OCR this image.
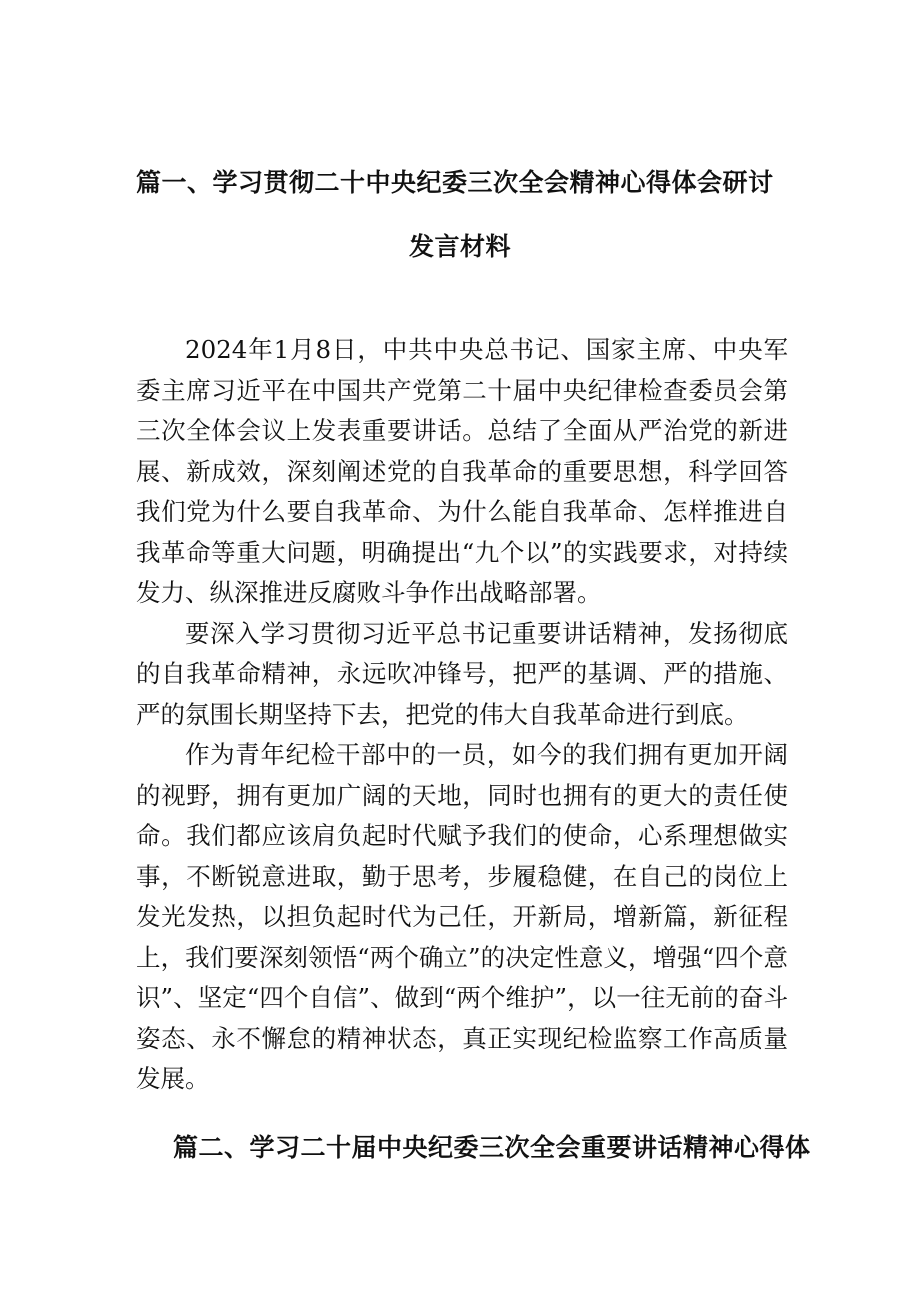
篇一、学习贯彻二十中央纪委三次全会精神心得体会研讨
发言材料

2024年1月8日，中共中央总书记、国家主席、中央军委主席习近平在中国共产党第二十届中央纪律检查委员会第三次全体会议上发表重要讲话。总结了全面从严治党的新进展、新成效，深刻阐述党的自我革命的重要思想，科学回答我们党为什么要自我革命、为什么能自我革命、怎样推进自我革命等重大问题，明确提出“九个以”的实践要求，对持续发力、纵深推进反腐败斗争作出战略部署。

要深入学习贯彻习近平总书记重要讲话精神，发扬彻底的自我革命精神，永远吹冲锋号，把严的基调、严的措施、严的氛围长期坚持下去，把党的伟大自我革命进行到底。

作为青年纪检干部中的一员，如今的我们拥有更加开阔的视野，拥有更加广阔的天地，同时也拥有的更大的责任使命。我们都应该肩负起时代赋予我们的使命，心系理想做实事，不断锐意进取，勤于思考，步履稳健，在自己的岗位上发光发热，以担负起时代为己任，开新局，增新篇，新征程上，我们要深刻领悟“两个确立”的决定性意义，增强“四个意识”、坚定“四个自信”、做到“两个维护”，以一往无前的奋斗姿态、永不懈怠的精神状态，真正实现纪检监察工作高质量发展。

篇二、学习二十届中央纪委三次全会重要讲话精神心得体
